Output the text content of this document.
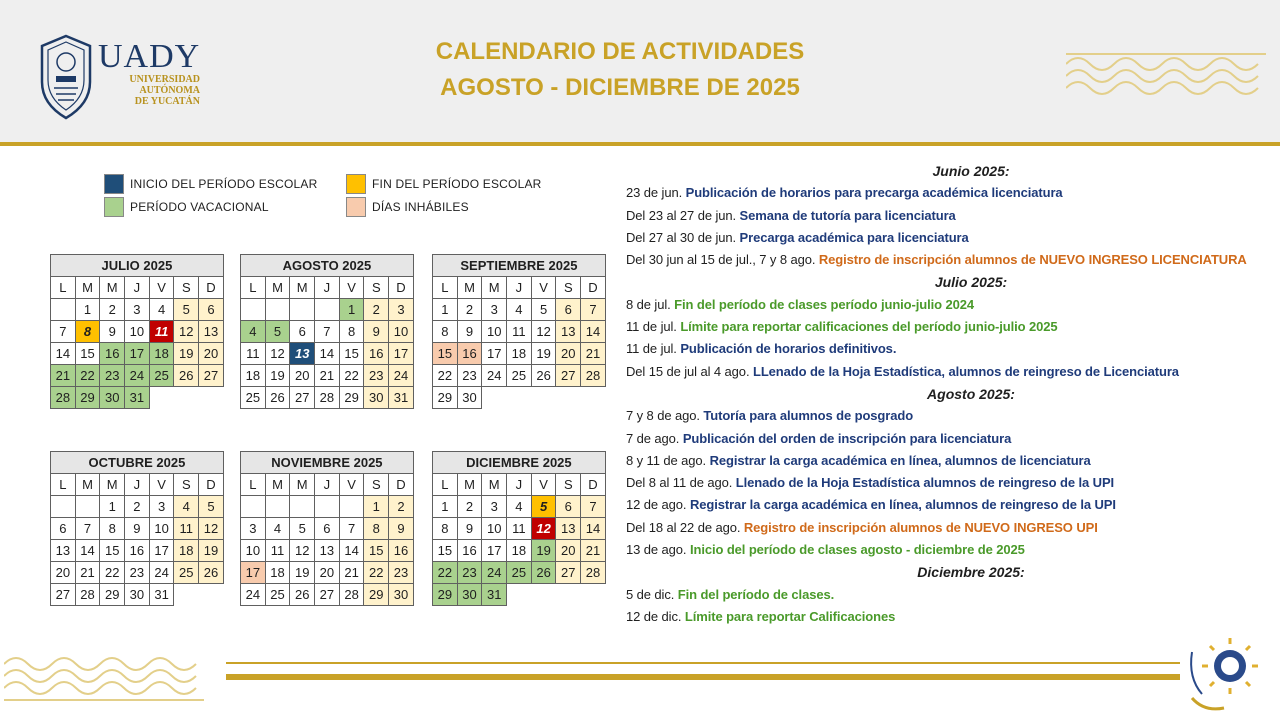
UADY
UNIVERSIDAD
AUTÓNOMA
DE YUCATÁN
CALENDARIO DE ACTIVIDADES
AGOSTO - DICIEMBRE DE 2025
INICIO DEL PERÍODO ESCOLAR	FIN DEL PERÍODO ESCOLAR
PERÍODO VACACIONAL	DÍAS INHÁBILES
JULIO 2025						
L	M	M	J	V	S	D
	1	2	3	4	5	6
7	8	9	10	11	12	13
14	15	16	17	18	19	20
21	22	23	24	25	26	27
28	29	30	31			
AGOSTO 2025						
L	M	M	J	V	S	D
				1	2	3
4	5	6	7	8	9	10
11	12	13	14	15	16	17
18	19	20	21	22	23	24
25	26	27	28	29	30	31
SEPTIEMBRE 2025						
L	M	M	J	V	S	D
1	2	3	4	5	6	7
8	9	10	11	12	13	14
15	16	17	18	19	20	21
22	23	24	25	26	27	28
29	30					
OCTUBRE 2025						
L	M	M	J	V	S	D
		1	2	3	4	5
6	7	8	9	10	11	12
13	14	15	16	17	18	19
20	21	22	23	24	25	26
27	28	29	30	31		
NOVIEMBRE 2025						
L	M	M	J	V	S	D
					1	2
3	4	5	6	7	8	9
10	11	12	13	14	15	16
17	18	19	20	21	22	23
24	25	26	27	28	29	30
DICIEMBRE 2025						
L	M	M	J	V	S	D
1	2	3	4	5	6	7
8	9	10	11	12	13	14
15	16	17	18	19	20	21
22	23	24	25	26	27	28
29	30	31				
Junio 2025:
23 de jun. Publicación de horarios para precarga académica licenciatura
Del 23 al 27 de jun. Semana de tutoría para licenciatura
Del 27 al 30 de jun. Precarga académica para licenciatura
Del 30 jun al 15 de jul., 7 y 8 ago. Registro de inscripción alumnos de NUEVO INGRESO LICENCIATURA
Julio 2025:
8 de jul. Fin del período de clases período junio-julio 2024
11 de jul. Límite para reportar calificaciones del período junio-julio 2025
11 de jul. Publicación de horarios definitivos.
Del 15 de jul al 4 ago. LLenado de la Hoja Estadística, alumnos de reingreso de Licenciatura
Agosto 2025:
7 y 8 de ago. Tutoría para alumnos de posgrado
7 de ago. Publicación del orden de inscripción para licenciatura
8 y 11 de ago. Registrar la carga académica en línea, alumnos de licenciatura
Del 8 al 11 de ago. Llenado de la Hoja Estadística alumnos de reingreso de la UPI
12 de ago. Registrar la carga académica en línea, alumnos de reingreso de la UPI
Del 18 al 22 de ago. Registro de inscripción alumnos de NUEVO INGRESO UPI
13 de ago. Inicio del período de clases agosto - diciembre de 2025
Diciembre 2025:
5 de dic. Fin del período de clases.
12 de dic. Límite para reportar Calificaciones
